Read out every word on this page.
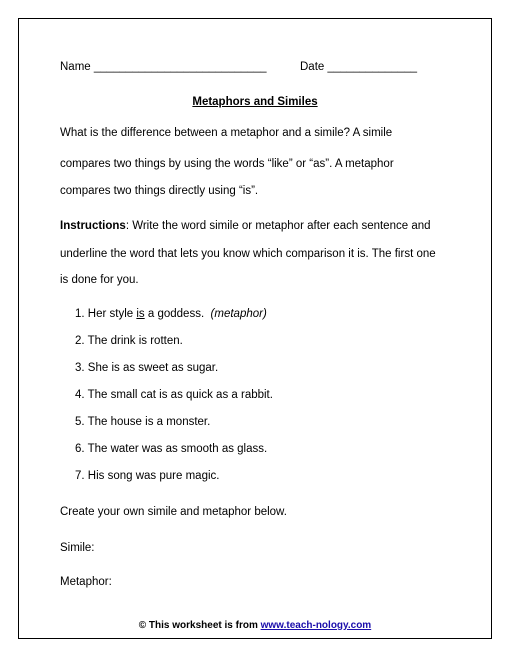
Name ___________________________	Date ______________
Metaphors and Similes
What is the difference between a metaphor and a simile? A simile
compares two things by using the words “like” or “as”. A metaphor
compares two things directly using “is”.
Instructions: Write the word simile or metaphor after each sentence and
underline the word that lets you know which comparison it is. The first one
is done for you.
1. Her style is a goddess.  (metaphor)
2. The drink is rotten.
3. She is as sweet as sugar.
4. The small cat is as quick as a rabbit.
5. The house is a monster.
6. The water was as smooth as glass.
7. His song was pure magic.
Create your own simile and metaphor below.
Simile:
Metaphor:
© This worksheet is from www.teach-nology.com
